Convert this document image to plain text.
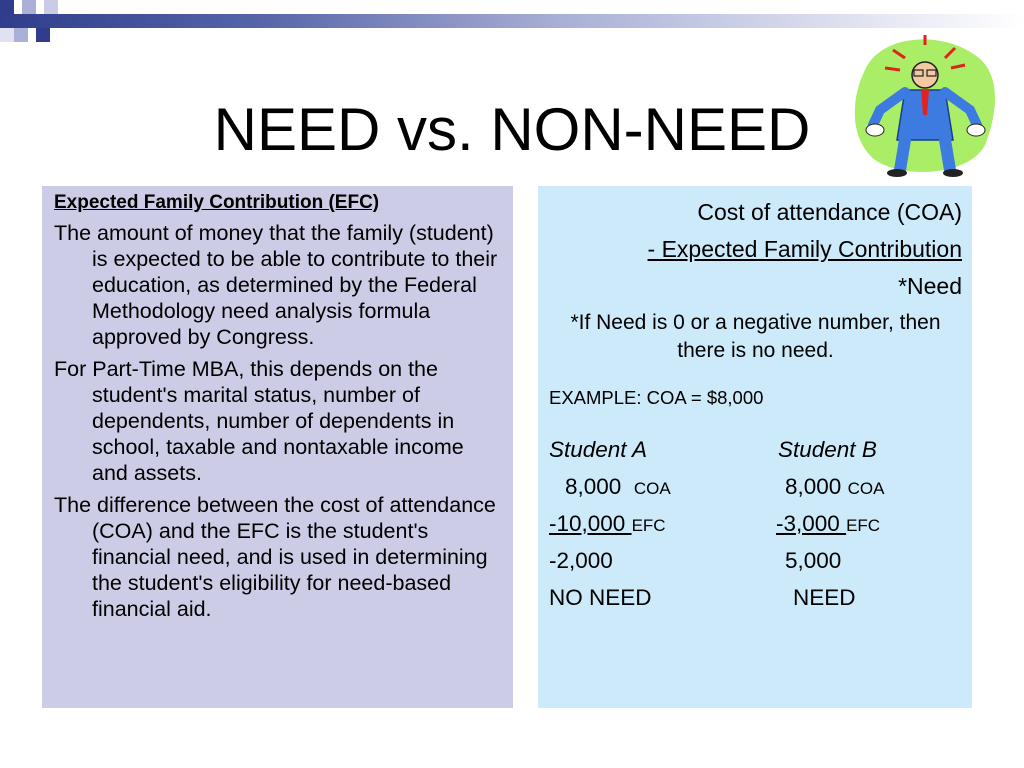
NEED vs. NON-NEED
Expected Family Contribution (EFC)

The amount of money that the family (student) is expected to be able to contribute to their education, as determined by the Federal Methodology need analysis formula approved by Congress.

For Part-Time MBA, this depends on the student's marital status, number of dependents, number of dependents in school, taxable and nontaxable income and assets.

The difference between the cost of attendance (COA) and the EFC is the student's financial need, and is used in determining the student's eligibility for need-based financial aid.

Cost of attendance (COA)
- Expected Family Contribution
*Need
*If Need is 0 or a negative number, then there is no need.
EXAMPLE: COA = $8,000
Student A	Student B
8,000 COA	8,000 COA
-10,000 EFC	-3,000 EFC
-2,000	5,000
NO NEED	NEED
